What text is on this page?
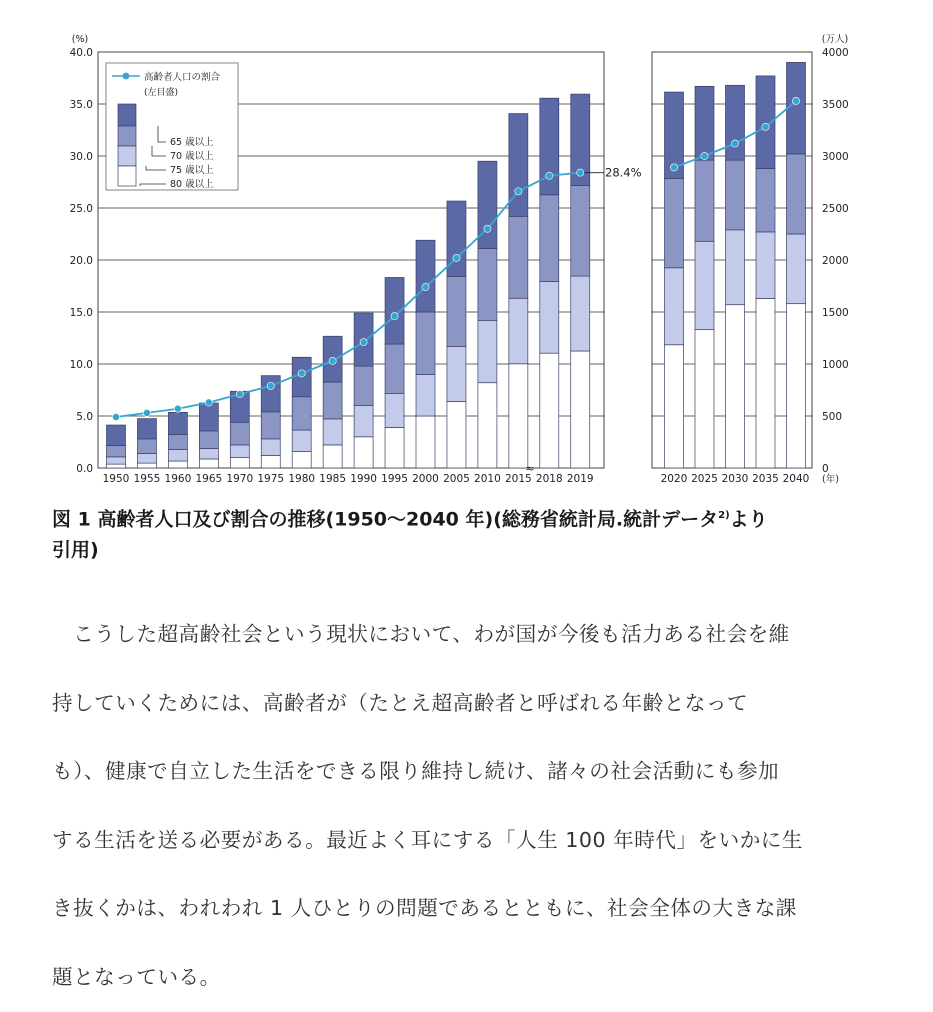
1950 1955 1960 1965 1970 1975 1980 1985 1990 1995 2000 2005 2010 2015 2018 2019
≈
28.4%
2020 2025 2030 2035 2040
40.0
35.0
30.0
25.0
20.0
15.0
10.0
5.0
0.0
4000
3500
3000
2500
2000
1500
1000
500
0
(%)	(万人)
(年)
高齢者人口の割合
(左目盛)
65 歳以上
70 歳以上
75 歳以上
80 歳以上
図 1 高齢者人口及び割合の推移(1950～2040 年)(総務省統計局.統計データ$^{2)}$より
引用)
　こうした超高齢社会という現状において、わが国が今後も活力ある社会を維
持していくためには、高齢者が（たとえ超高齢者と呼ばれる年齢となって
も）、健康で自立した生活をできる限り維持し続け、諸々の社会活動にも参加
する生活を送る必要がある。最近よく耳にする「人生 100 年時代」をいかに生
き抜くかは、われわれ 1 人ひとりの問題であるとともに、社会全体の大きな課
題となっている。
